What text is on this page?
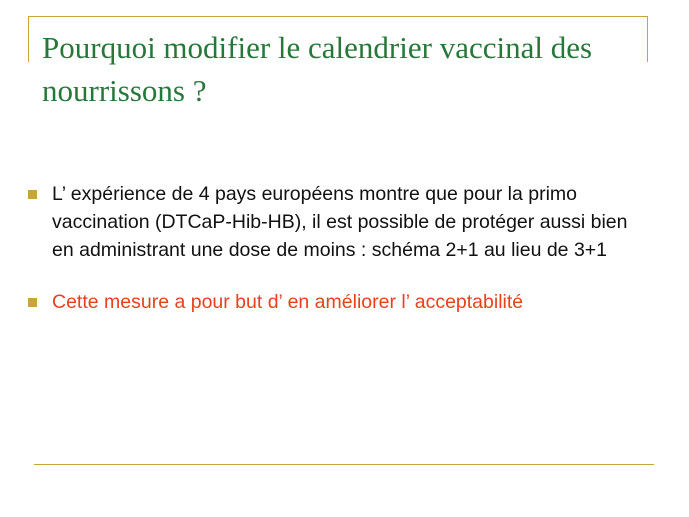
Pourquoi modifier le calendrier vaccinal des nourrissons ?
L’ expérience de 4 pays européens montre que pour la primo vaccination (DTCaP-Hib-HB), il est possible de protéger aussi bien en administrant une dose de moins : schéma 2+1 au lieu de 3+1
Cette mesure a pour but d’ en améliorer l’ acceptabilité
